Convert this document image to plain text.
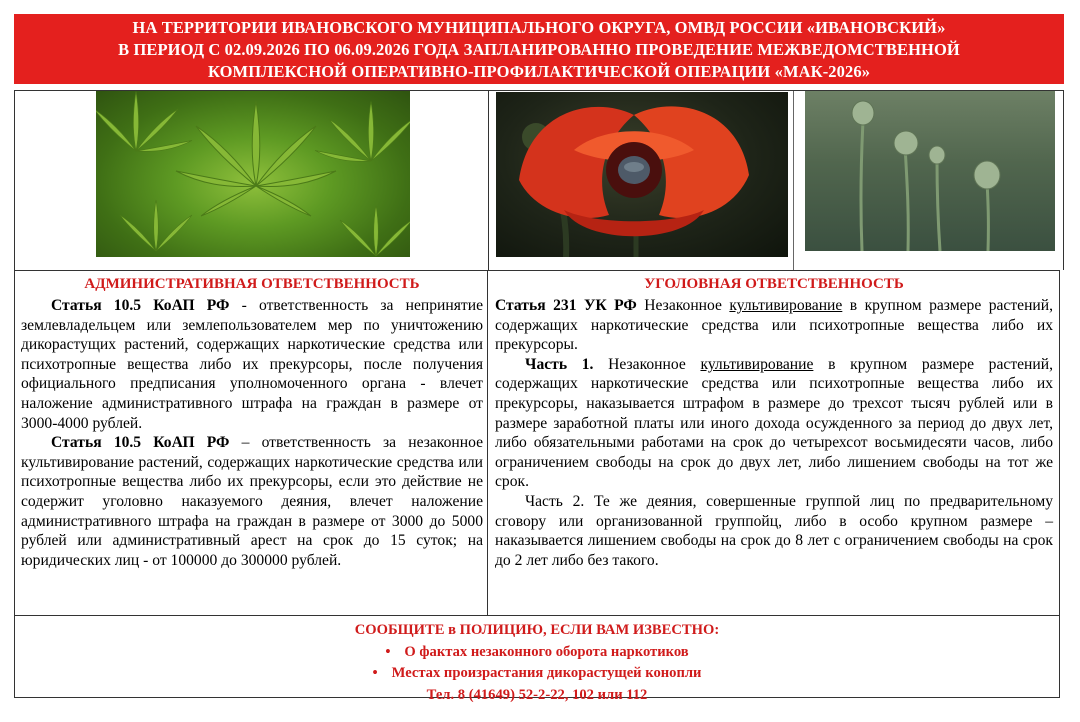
НА ТЕРРИТОРИИ ИВАНОВСКОГО МУНИЦИПАЛЬНОГО ОКРУГА, ОМВД РОССИИ «ИВАНОВСКИЙ»
В ПЕРИОД С 02.09.2026 ПО 06.09.2026 ГОДА ЗАПЛАНИРОВАННО ПРОВЕДЕНИЕ МЕЖВЕДОМСТВЕННОЙ
КОМПЛЕКСНОЙ ОПЕРАТИВНО-ПРОФИЛАКТИЧЕСКОЙ ОПЕРАЦИИ «МАК-2026»
АДМИНИСТРАТИВНАЯ ОТВЕТСТВЕННОСТЬ

Статья 10.5 КоАП РФ - ответственность за непринятие землевладельцем или землепользователем мер по уничтожению дикорастущих растений, содержащих наркотические средства или психотропные вещества либо их прекурсоры, после получения официального предписания уполномоченного органа - влечет наложение административного штрафа на граждан в размере от 3000-4000 рублей.

Статья 10.5 КоАП РФ – ответственность за незаконное культивирование растений, содержащих наркотические средства или психотропные вещества либо их прекурсоры, если это действие не содержит уголовно наказуемого деяния, влечет наложение административного штрафа на граждан в размере от 3000 до 5000 рублей или административный арест на срок до 15 суток; на юридических лиц - от 100000 до 300000 рублей.

УГОЛОВНАЯ ОТВЕТСТВЕННОСТЬ

Статья 231 УК РФ Незаконное культивирование в крупном размере растений, содержащих наркотические средства или психотропные вещества либо их прекурсоры.

Часть 1. Незаконное культивирование в крупном размере растений, содержащих наркотические средства или психотропные вещества либо их прекурсоры, наказывается штрафом в размере до трехсот тысяч рублей или в размере заработной платы или иного дохода осужденного за период до двух лет, либо обязательными работами на срок до четырехсот восьмидесяти часов, либо ограничением свободы на срок до двух лет, либо лишением свободы на тот же срок.

Часть 2. Те же деяния, совершенные группой лиц по предварительному сговору или организованной группойц, либо в особо крупном размере – наказывается лишением свободы на срок до 8 лет с ограничением свободы на срок до 2 лет либо без такого.

СООБЩИТЕ в ПОЛИЦИЮ, ЕСЛИ ВАМ ИЗВЕСТНО:
• О фактах незаконного оборота наркотиков
• Местах произрастания дикорастущей конопли
Тел. 8 (41649) 52-2-22, 102 или 112
